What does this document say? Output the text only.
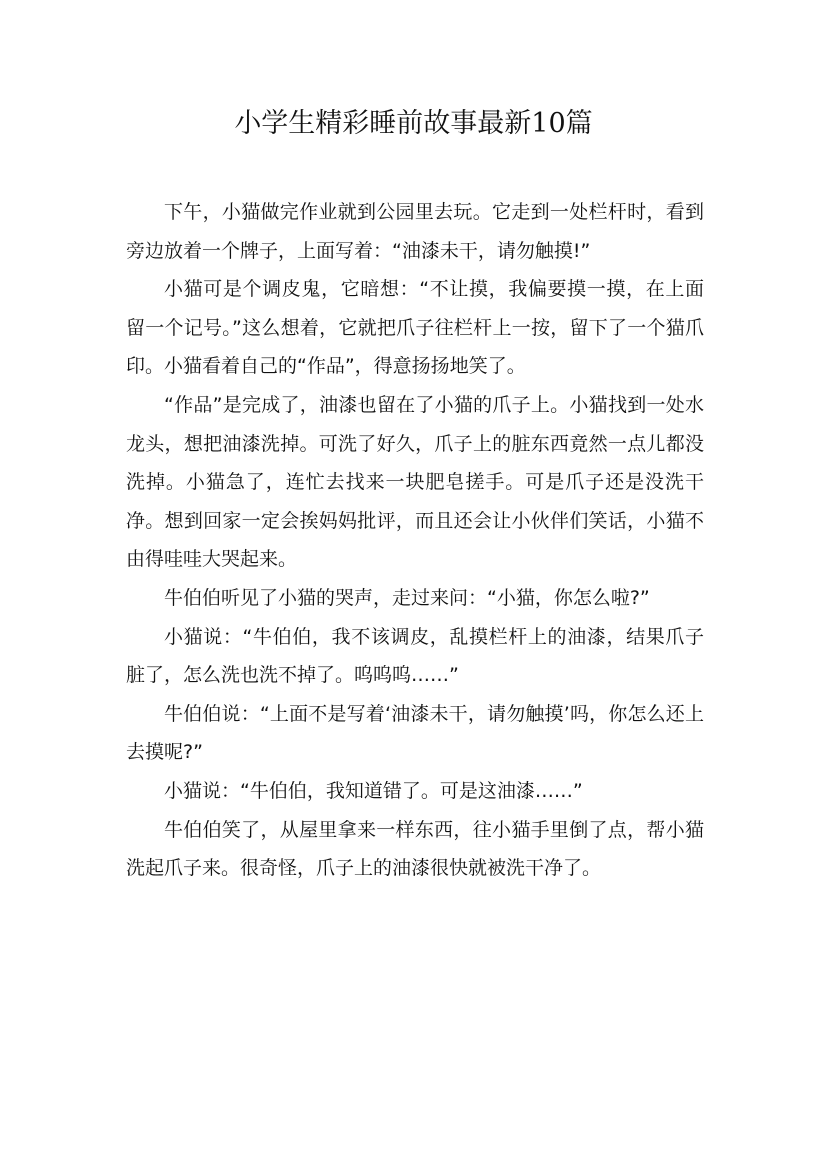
小学生精彩睡前故事最新10篇

下午，小猫做完作业就到公园里去玩。它走到一处栏杆时，看到旁边放着一个牌子，上面写着：“油漆未干，请勿触摸!”

小猫可是个调皮鬼，它暗想：“不让摸，我偏要摸一摸，在上面留一个记号。”这么想着，它就把爪子往栏杆上一按，留下了一个猫爪印。小猫看着自己的“作品”，得意扬扬地笑了。

“作品”是完成了，油漆也留在了小猫的爪子上。小猫找到一处水龙头，想把油漆洗掉。可洗了好久，爪子上的脏东西竟然一点儿都没洗掉。小猫急了，连忙去找来一块肥皂搓手。可是爪子还是没洗干净。想到回家一定会挨妈妈批评，而且还会让小伙伴们笑话，小猫不由得哇哇大哭起来。

牛伯伯听见了小猫的哭声，走过来问：“小猫，你怎么啦?”

小猫说：“牛伯伯，我不该调皮，乱摸栏杆上的油漆，结果爪子脏了，怎么洗也洗不掉了。呜呜呜……”

牛伯伯说：“上面不是写着‘油漆未干，请勿触摸’吗，你怎么还上去摸呢?”

小猫说：“牛伯伯，我知道错了。可是这油漆……”

牛伯伯笑了，从屋里拿来一样东西，往小猫手里倒了点，帮小猫洗起爪子来。很奇怪，爪子上的油漆很快就被洗干净了。
